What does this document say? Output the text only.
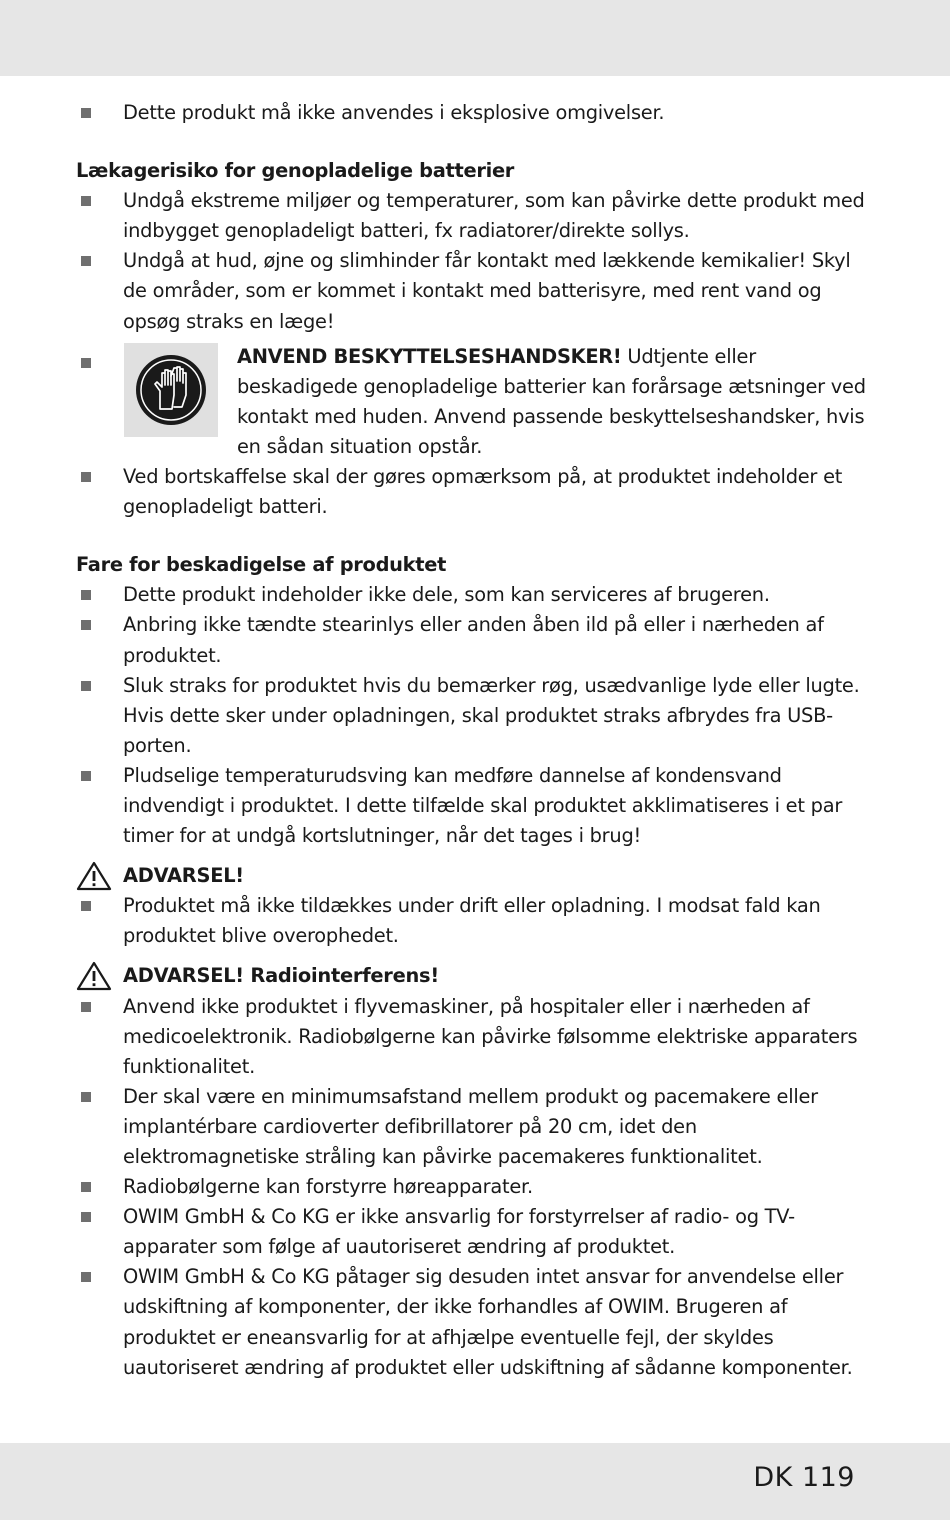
Dette produkt må ikke anvendes i eksplosive omgivelser.
Lækagerisiko for genopladelige batterier
Undgå ekstreme miljøer og temperaturer, som kan påvirke dette produkt med indbygget genopladeligt batteri, fx radiatorer/direkte sollys.
Undgå at hud, øjne og slimhinder får kontakt med lækkende kemikalier! Skyl de områder, som er kommet i kontakt med batterisyre, med rent vand og opsøg straks en læge!
ANVEND BESKYTTELSESHANDSKER! Udtjente eller beskadigede genopladelige batterier kan forårsage ætsninger ved kontakt med huden. Anvend passende beskyttelseshandsker, hvis en sådan situation opstår.
Ved bortskaffelse skal der gøres opmærksom på, at produktet indeholder et genopladeligt batteri.
Fare for beskadigelse af produktet
Dette produkt indeholder ikke dele, som kan serviceres af brugeren.
Anbring ikke tændte stearinlys eller anden åben ild på eller i nærheden af produktet.
Sluk straks for produktet hvis du bemærker røg, usædvanlige lyde eller lugte. Hvis dette sker under opladningen, skal produktet straks afbrydes fra USB-porten.
Pludselige temperaturudsving kan medføre dannelse af kondensvand indvendigt i produktet. I dette tilfælde skal produktet akklimatiseres i et par timer for at undgå kortslutninger, når det tages i brug!
ADVARSEL!
Produktet må ikke tildækkes under drift eller opladning. I modsat fald kan produktet blive overophedet.
ADVARSEL! Radiointerferens!
Anvend ikke produktet i flyvemaskiner, på hospitaler eller i nærheden af medicoelektronik. Radiobølgerne kan påvirke følsomme elektriske apparaters funktionalitet.
Der skal være en minimumsafstand mellem produkt og pacemakere eller implantérbare cardioverter defibrillatorer på 20 cm, idet den elektromagnetiske stråling kan påvirke pacemakeres funktionalitet.
Radiobølgerne kan forstyrre høreapparater.
OWIM GmbH & Co KG er ikke ansvarlig for forstyrrelser af radio- og TV-apparater som følge af uautoriseret ændring af produktet.
OWIM GmbH & Co KG påtager sig desuden intet ansvar for anvendelse eller udskiftning af komponenter, der ikke forhandles af OWIM. Brugeren af produktet er eneansvarlig for at afhjælpe eventuelle fejl, der skyldes uautoriseret ændring af produktet eller udskiftning af sådanne komponenter.
DK 119
